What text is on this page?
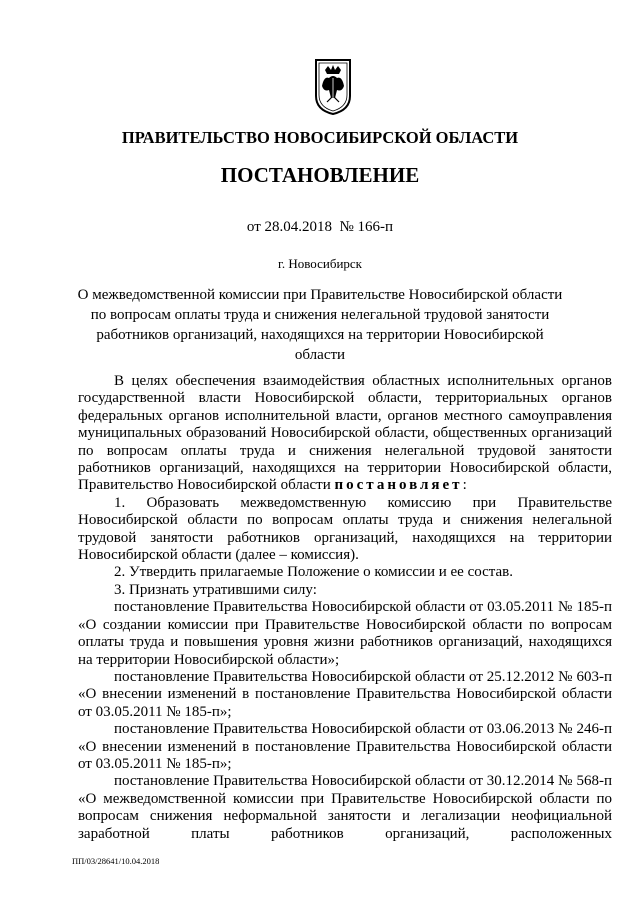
ПРАВИТЕЛЬСТВО НОВОСИБИРСКОЙ ОБЛАСТИ
ПОСТАНОВЛЕНИЕ
от 28.04.2018 № 166-п
г. Новосибирск
О межведомственной комиссии при Правительстве Новосибирской области
по вопросам оплаты труда и снижения нелегальной трудовой занятости
работников организаций, находящихся на территории Новосибирской области

В целях обеспечения взаимодействия областных исполнительных органов государственной власти Новосибирской области, территориальных органов федеральных органов исполнительной власти, органов местного самоуправления муниципальных образований Новосибирской области, общественных организаций по вопросам оплаты труда и снижения нелегальной трудовой занятости работников организаций, находящихся на территории Новосибирской области, Правительство Новосибирской области постановляет:

1. Образовать межведомственную комиссию при Правительстве Новосибирской области по вопросам оплаты труда и снижения нелегальной трудовой занятости работников организаций, находящихся на территории Новосибирской области (далее – комиссия).

2. Утвердить прилагаемые Положение о комиссии и ее состав.

3. Признать утратившими силу:

постановление Правительства Новосибирской области от 03.05.2011 № 185-п «О создании комиссии при Правительстве Новосибирской области по вопросам оплаты труда и повышения уровня жизни работников организаций, находящихся на территории Новосибирской области»;

постановление Правительства Новосибирской области от 25.12.2012 № 603-п «О внесении изменений в постановление Правительства Новосибирской области от 03.05.2011 № 185-п»;

постановление Правительства Новосибирской области от 03.06.2013 № 246-п «О внесении изменений в постановление Правительства Новосибирской области от 03.05.2011 № 185-п»;

постановление Правительства Новосибирской области от 30.12.2014 № 568-п «О межведомственной комиссии при Правительстве Новосибирской области по вопросам снижения неформальной занятости и легализации неофициальной заработной платы работников организаций, расположенных

ПП/03/28641/10.04.2018
